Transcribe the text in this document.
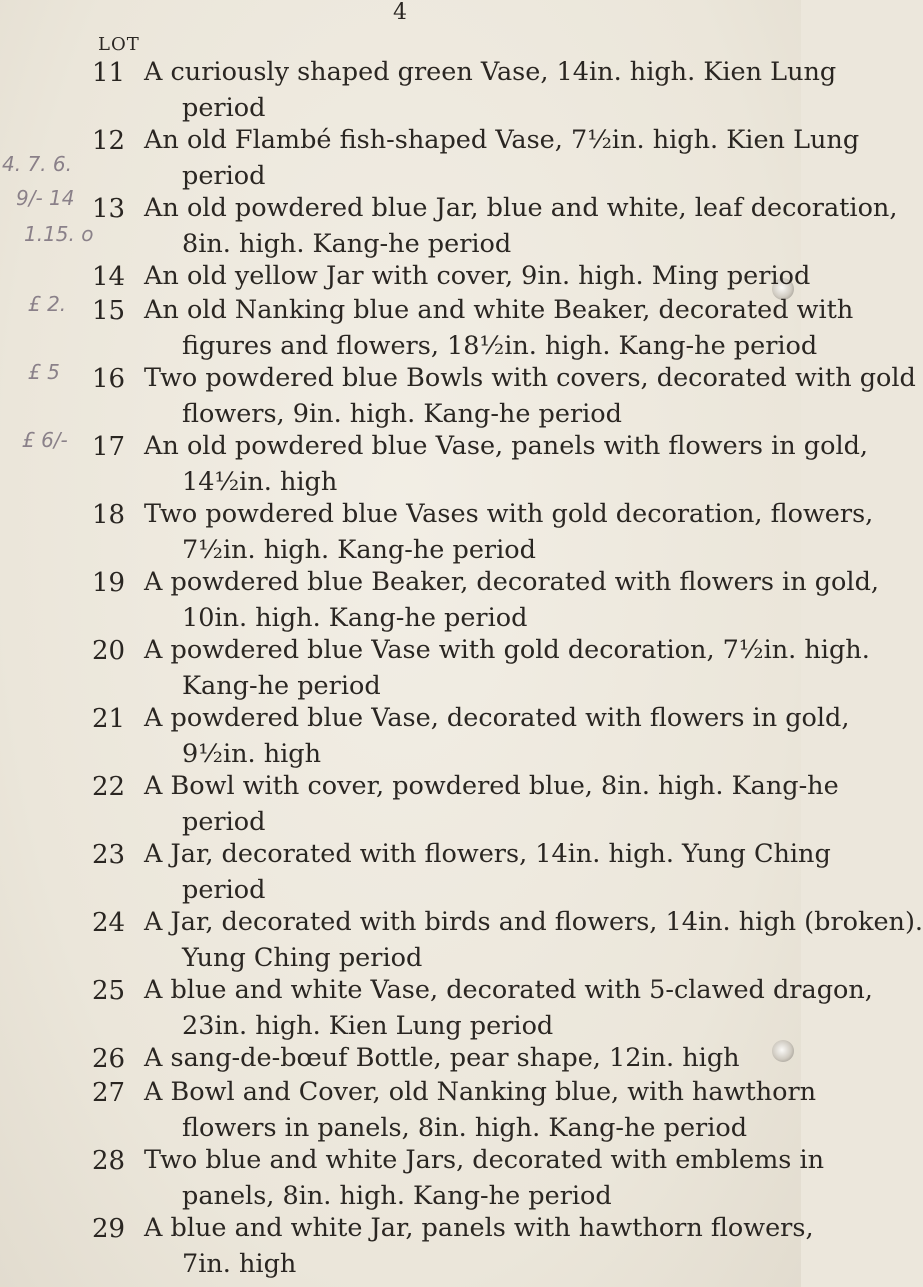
4
LOT
4. 7. 6.
9/- 14
1.15. o
£ 2.
£ 5
£ 6/-
11 A curiously shaped green Vase, 14in. high. Kien Lung
period
12 An old Flambé fish-shaped Vase, 7½in. high. Kien Lung
period
13 An old powdered blue Jar, blue and white, leaf decoration,
8in. high. Kang-he period
14 An old yellow Jar with cover, 9in. high. Ming period
15 An old Nanking blue and white Beaker, decorated with
figures and flowers, 18½in. high. Kang-he period
16 Two powdered blue Bowls with covers, decorated with gold
flowers, 9in. high. Kang-he period
17 An old powdered blue Vase, panels with flowers in gold,
14½in. high
18 Two powdered blue Vases with gold decoration, flowers,
7½in. high. Kang-he period
19 A powdered blue Beaker, decorated with flowers in gold,
10in. high. Kang-he period
20 A powdered blue Vase with gold decoration, 7½in. high.
Kang-he period
21 A powdered blue Vase, decorated with flowers in gold,
9½in. high
22 A Bowl with cover, powdered blue, 8in. high. Kang-he
period
23 A Jar, decorated with flowers, 14in. high. Yung Ching
period
24 A Jar, decorated with birds and flowers, 14in. high (broken).
Yung Ching period
25 A blue and white Vase, decorated with 5-clawed dragon,
23in. high. Kien Lung period
26 A sang-de-bœuf Bottle, pear shape, 12in. high
27 A Bowl and Cover, old Nanking blue, with hawthorn
flowers in panels, 8in. high. Kang-he period
28 Two blue and white Jars, decorated with emblems in
panels, 8in. high. Kang-he period
29 A blue and white Jar, panels with hawthorn flowers,
7in. high
